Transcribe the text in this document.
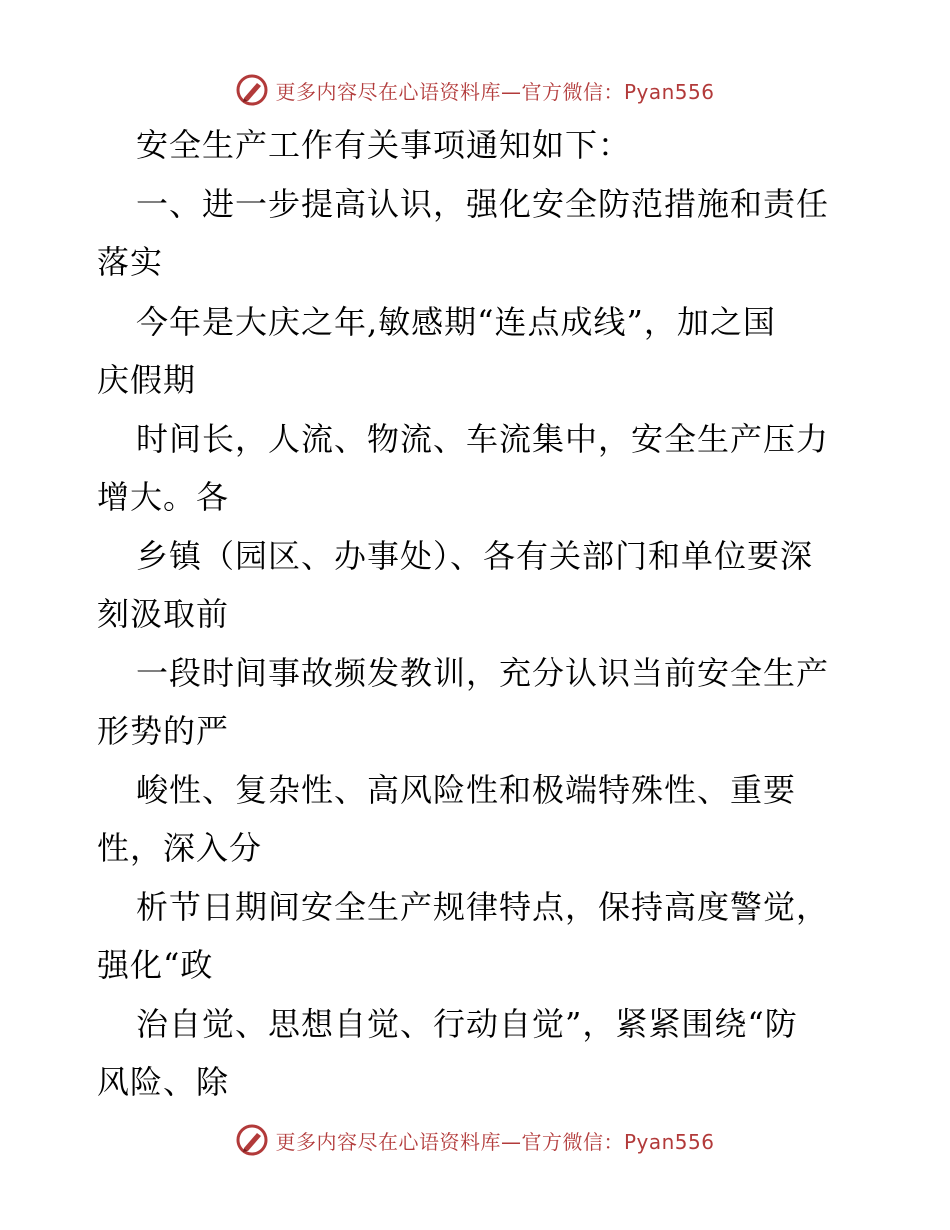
更多内容尽在心语资料库—官方微信：Pyan556
安全生产工作有关事项通知如下：
一、进一步提高认识，强化安全防范措施和责任
落实
今年是大庆之年,敏感期“连点成线”，加之国
庆假期
时间长，人流、物流、车流集中，安全生产压力
增大。各
乡镇（园区、办事处）、各有关部门和单位要深
刻汲取前
一段时间事故频发教训，充分认识当前安全生产
形势的严
峻性、复杂性、高风险性和极端特殊性、重要
性，深入分
析节日期间安全生产规律特点，保持高度警觉，
强化“政
治自觉、思想自觉、行动自觉”，紧紧围绕“防
风险、除
更多内容尽在心语资料库—官方微信：Pyan556
